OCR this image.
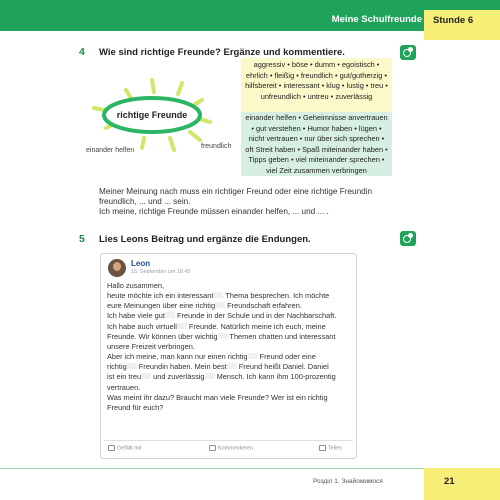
Meine Schulfreunde Stunde 6
4 Wie sind richtige Freunde? Ergänze und kommentiere.
richtige Freunde
einander helfen
freundlich
aggressiv • böse • dumm • egoistisch • ehrlich • fleißig • freundlich • gut/gutherzig • hilfsbereit • interessant • klug • lustig • treu • unfreundlich • untreu • zuverlässig
einander helfen • Geheimnisse anvertrauen • gut verstehen • Humor haben • lügen • nicht vertrauen • nur über sich sprechen • oft Streit haben • Spaß miteinander haben • Tipps geben • viel miteinander sprechen • viel Zeit zusammen verbringen
Meiner Meinung nach muss ein richtiger Freund oder eine richtige Freundin
freundlich, ... und ... sein.
Ich meine, richtige Freunde müssen einander helfen, ... und ... .
5 Lies Leons Beitrag und ergänze die Endungen.
Leon
15. September um 16:45
Hallo zusammen,
heute möchte ich ein interessant Thema besprechen. Ich möchte
eure Meinungen über eine richtig Freundschaft erfahren.
Ich habe viele gut Freunde in der Schule und in der Nachbarschaft.
Ich habe auch virtuell Freunde. Natürlich meine ich euch, meine
Freunde. Wir können über wichtig Themen chatten und interessant
unsere Freizeit verbringen.
Aber ich meine, man kann nur einen richtig Freund oder eine
richtig Freundin haben. Mein best Freund heißt Daniel. Daniel
ist ein treu und zuverlässig Mensch. Ich kann ihm 100-prozentig
vertrauen.
Was meint ihr dazu? Braucht man viele Freunde? Wer ist ein richtig
Freund für euch?
Gefällt mir	Kommentieren	Teilen
Розділ 1. Знайомимося	21
